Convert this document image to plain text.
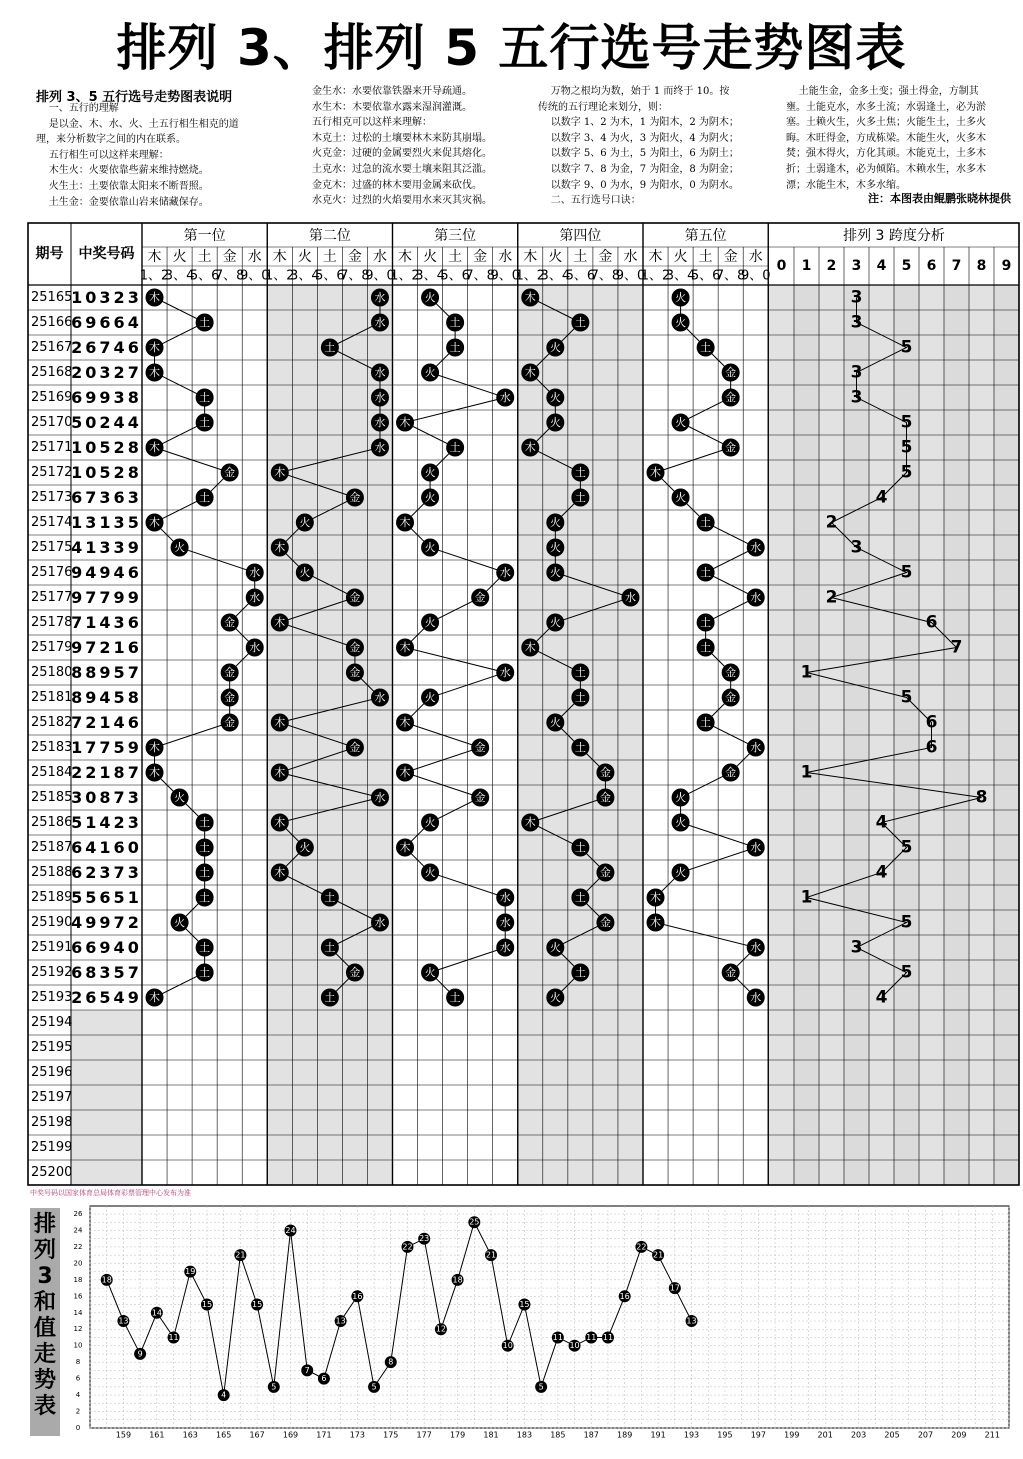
排列 3、排列 5 五行选号走势图表
排列 3、5 五行选号走势图表说明
一、五行的理解
是以金、木、水、火、土五行相生相克的道
理，来分析数字之间的内在联系。
五行相生可以这样来理解：
木生火：火要依靠些薪来维持燃烧。
火生土：土要依靠太阳来不断晋照。
土生金：金要依靠山岩来储藏保存。
金生水：水要依靠铁器来开导疏通。
水生木：木要依靠水露来湿润灌溉。
五行相克可以这样来理解：
木克土：过松的土壤要林木来防其崩塌。
火克金：过硬的金属要烈火来促其熔化。
土克水：过急的流水要土壤来阻其泛滥。
金克木：过盛的林木要用金属来砍伐。
水克火：过烈的火焰要用水来灭其灾祸。
万物之根均为数，始于 1 而终于 10。按
传统的五行理论来划分，则：
以数字 1、2 为木，1 为阳木，2 为阴木；
以数字 3、4 为火，3 为阳火，4 为阴火；
以数字 5、6 为土，5 为阳土，6 为阴土；
以数字 7、8 为金，7 为阳金，8 为阴金；
以数字 9、0 为水，9 为阳水，0 为阴水。
二、五行选号口诀：
土能生金，金多土变；强土得金，方制其
壅。土能克水，水多土流；水弱逢土，必为淤
塞。土赖火生，火多土焦；火能生土，土多火
晦。木旺得金，方成栋梁。木能生火，火多木
焚；强木得火，方化其顽。木能克土，土多木
折；土弱逢木，必为倾陷。木赖水生，水多木
漂；水能生木，木多水缩。
注：本图表由鲲鹏张晓林提供
期号 中奖号码
第一位
木 火 土 金 水
1、2
3、4
5、6
7、8
9、0
第二位
木 火 土 金 水
1、2
3、4
5、6
7、8
9、0
第三位
木 火 土 金 水
1、2
3、4
5、6
7、8
9、0
第四位
木 火 土 金 水
1、2
3、4
5、6
7、8
9、0
第五位
木 火 土 金 水
1、2
3、4
5、6
7、8
9、0
排列 3 跨度分析
0 1 2 3 4 5 6 7 8 9
25165
10323
25166
69664
25167
26746
25168
20327
25169
69938
25170
50244
25171
10528
25172
10528
25173
67363
25174
13135
25175
41339
25176
94946
25177
97799
25178
71436
25179
97216
25180
88957
25181
89458
25182
72146
25183
17759
25184
22187
25185
30873
25186
51423
25187
64160
25188
62373
25189
55651
25190
49972
25191
66940
25192
68357
25193
26549
25194
25195
25196
25197
25198
25199
25200
木
土
木
木
土
土
木
金
土
木
火
水
水
金
水
金
金
金
木
木
火
土
土
土
土
火
土
土
木
水
水
土
水
水
水
水
木
金
火
木
火
金
木
金
金
水
木
金
木
水
木
火
木
土
水
土
金
土
火
土
土
火
水
木
土
火
火
木
火
水
金
火
木
水
火
木
金
木
金
火
木
火
水
水
水
火
土
木
土
火
木
火
火
木
土
土
火
火
火
水
火
木
土
土
火
土
金
金
木
土
金
土
金
火
土
火
火
火
土
金
金
火
金
木
火
土
水
土
水
土
土
金
金
土
水
金
火
火
水
火
木
木
水
金
水
3
3
5
3
3
5
5
5
4
2
3
5
2
6
7
1
5
6
6
1
8
4
5
4
1
5
3
5
4
0
2
4
6
8
10
12
14
16
18
20
22
24
26
159 161 163 165 167 169 171 173 175 177 179 181 183 185 187 189 191 193 195 197 199 201 203 205 207 209 211
18
13
9
14
11
19
15
4
21
15
5
24
7
6
13
16
5
8
22
23
12
18
25
21
10
15
5
11
10
11 11
16
22
21
17
13
中奖号码以国家体育总局体育彩票管理中心发布为准
排
列
3
和
值
走
势
表
